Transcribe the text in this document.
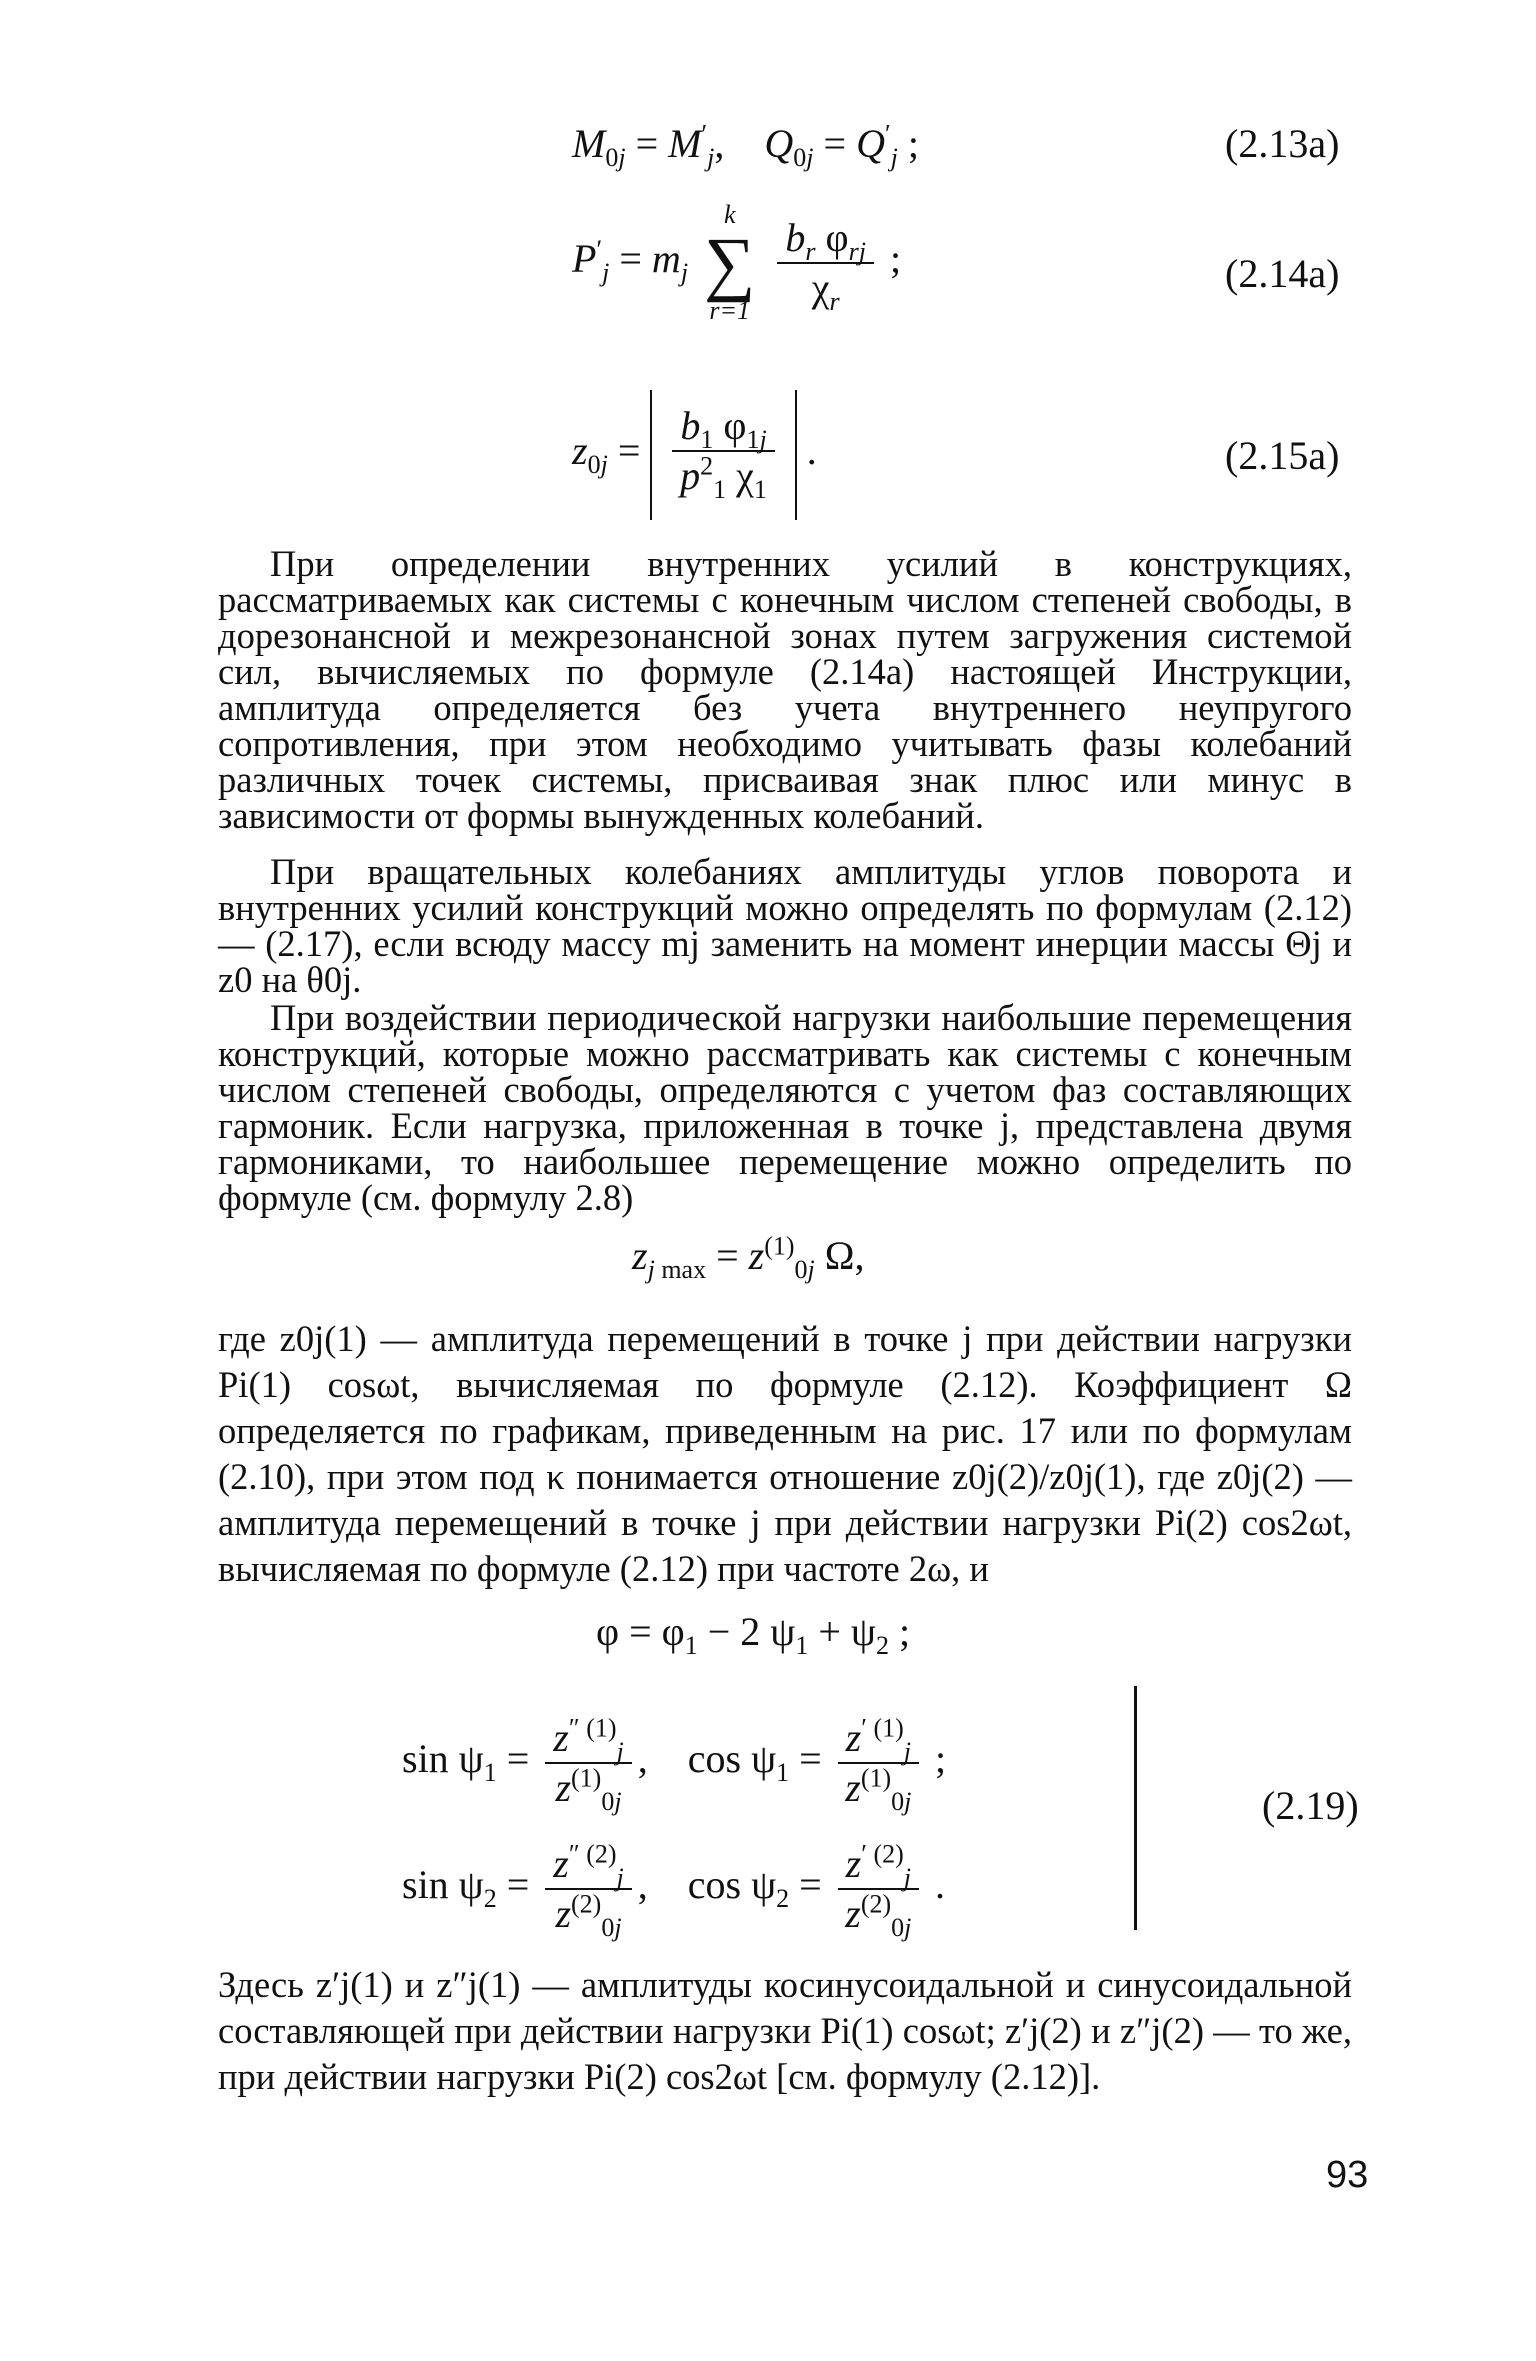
$M_{0j} = M'_j$,    $Q_{0j} = Q'_j$ ;	(2.13a)
$P'_j = m_j$
k
∑
r=1

$\frac{b_r \varphi_{rj}}{\chi_r}$ ;	(2.14a)
$z_{0j} = \frac{b_1 \varphi_{1j}}{p^2_1 \chi_1}$ .	(2.15a)

При определении внутренних усилий в конструкциях, рассматриваемых как системы с конечным числом степеней свободы, в дорезонансной и межрезонансной зонах путем загружения системой сил, вычисляемых по формуле (2.14а) настоящей Инструкции, амплитуда определяется без учета внутреннего неупругого сопротивления, при этом необходимо учитывать фазы колебаний различных точек системы, присваивая знак плюс или минус в зависимости от формы вынужденных колебаний.

При вращательных колебаниях амплитуды углов поворота и внутренних усилий конструкций можно определять по формулам (2.12) — (2.17), если всюду массу mj заменить на момент инерции массы Θj и z0 на θ0j.

При воздействии периодической нагрузки наибольшие перемещения конструкций, которые можно рассматривать как системы с конечным числом степеней свободы, определяются с учетом фаз составляющих гармоник. Если нагрузка, приложенная в точке j, представлена двумя гармониками, то наибольшее перемещение можно определить по формуле (см. формулу 2.8)

$z_{j max} = z^{(1)}_{0j}$ Ω,

где z0j(1) — амплитуда перемещений в точке j при действии нагрузки Pi(1) cosωt, вычисляемая по формуле (2.12). Коэффициент Ω определяется по графикам, приведенным на рис. 17 или по формулам (2.10), при этом под κ понимается отношение z0j(2)/z0j(1), где z0j(2) — амплитуда перемещений в точке j при действии нагрузки Pi(2) cos2ωt, вычисляемая по формуле (2.12) при частоте 2ω, и

$\varphi = \varphi_1 - 2$ $\psi_1 + \psi_2$ ;
$\sin \psi_1 = \frac{z^{'' (1)}_j}{z^{(1)}_{0j}}$ ,    $\cos \psi_1 = \frac{z^{' (1)}_j}{z^{(1)}_{0j}}$ ;
$\sin \psi_2 = \frac{z^{'' (2)}_j}{z^{(2)}_{0j}}$ ,    $\cos \psi_2 = \frac{z^{' (2)}_j}{z^{(2)}_{0j}}$ .
(2.19)

Здесь z′j(1) и z″j(1) — амплитуды косинусоидальной и синусоидальной составляющей при действии нагрузки Pi(1) cosωt; z′j(2) и z″j(2) — то же, при действии нагрузки Pi(2) cos2ωt [см. формулу (2.12)].

93
